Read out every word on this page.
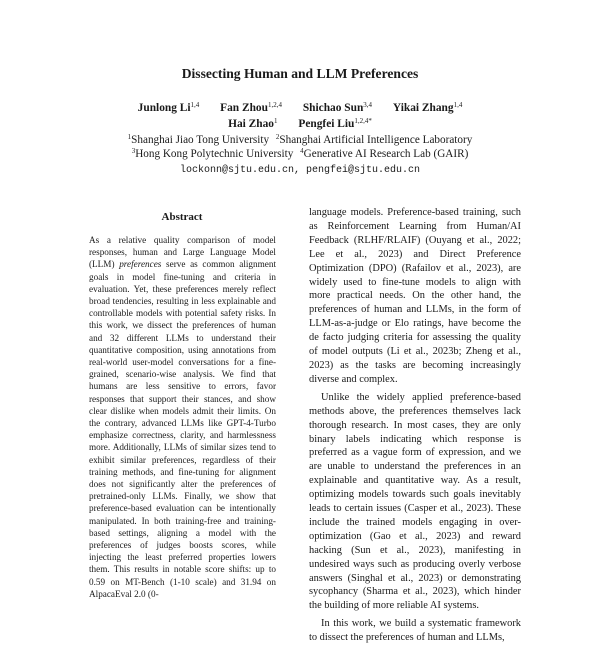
Dissecting Human and LLM Preferences
Junlong Li$^{1,4}$ Fan Zhou$^{1,2,4}$ Shichao Sun$^{3,4}$ Yikai Zhang$^{1,4}$
Hai Zhao$^1$ Pengfei Liu$^{1,2,4*}$
$^1$Shanghai Jiao Tong University $^2$Shanghai Artificial Intelligence Laboratory
$^3$Hong Kong Polytechnic University $^4$Generative AI Research Lab (GAIR)
lockonn@sjtu.edu.cn, pengfei@sjtu.edu.cn
Abstract

As a relative quality comparison of model responses, human and Large Language Model (LLM) preferences serve as common alignment goals in model fine-tuning and criteria in evaluation. Yet, these preferences merely reflect broad tendencies, resulting in less explainable and controllable models with potential safety risks. In this work, we dissect the preferences of human and 32 different LLMs to understand their quantitative composition, using annotations from real-world user-model conversations for a fine-grained, scenario-wise analysis. We find that humans are less sensitive to errors, favor responses that support their stances, and show clear dislike when models admit their limits. On the contrary, advanced LLMs like GPT-4-Turbo emphasize correctness, clarity, and harmlessness more. Additionally, LLMs of similar sizes tend to exhibit similar preferences, regardless of their training methods, and fine-tuning for alignment does not significantly alter the preferences of pretrained-only LLMs. Finally, we show that preference-based evaluation can be intentionally manipulated. In both training-free and training-based settings, aligning a model with the preferences of judges boosts scores, while injecting the least preferred properties lowers them. This results in notable score shifts: up to 0.59 on MT-Bench (1-10 scale) and 31.94 on AlpacaEval 2.0 (0-

language models. Preference-based training, such as Reinforcement Learning from Human/AI Feedback (RLHF/RLAIF) (Ouyang et al., 2022; Lee et al., 2023) and Direct Preference Optimization (DPO) (Rafailov et al., 2023), are widely used to fine-tune models to align with more practical needs. On the other hand, the preferences of human and LLMs, in the form of LLM-as-a-judge or Elo ratings, have become the de facto judging criteria for assessing the quality of model outputs (Li et al., 2023b; Zheng et al., 2023) as the tasks are becoming increasingly diverse and complex.

Unlike the widely applied preference-based methods above, the preferences themselves lack thorough research. In most cases, they are only binary labels indicating which response is preferred as a vague form of expression, and we are unable to understand the preferences in an explainable and quantitative way. As a result, optimizing models towards such goals inevitably leads to certain issues (Casper et al., 2023). These include the trained models engaging in over-optimization (Gao et al., 2023) and reward hacking (Sun et al., 2023), manifesting in undesired ways such as producing overly verbose answers (Singhal et al., 2023) or demonstrating sycophancy (Sharma et al., 2023), which hinder the building of more reliable AI systems.

In this work, we build a systematic framework to dissect the preferences of human and LLMs,
